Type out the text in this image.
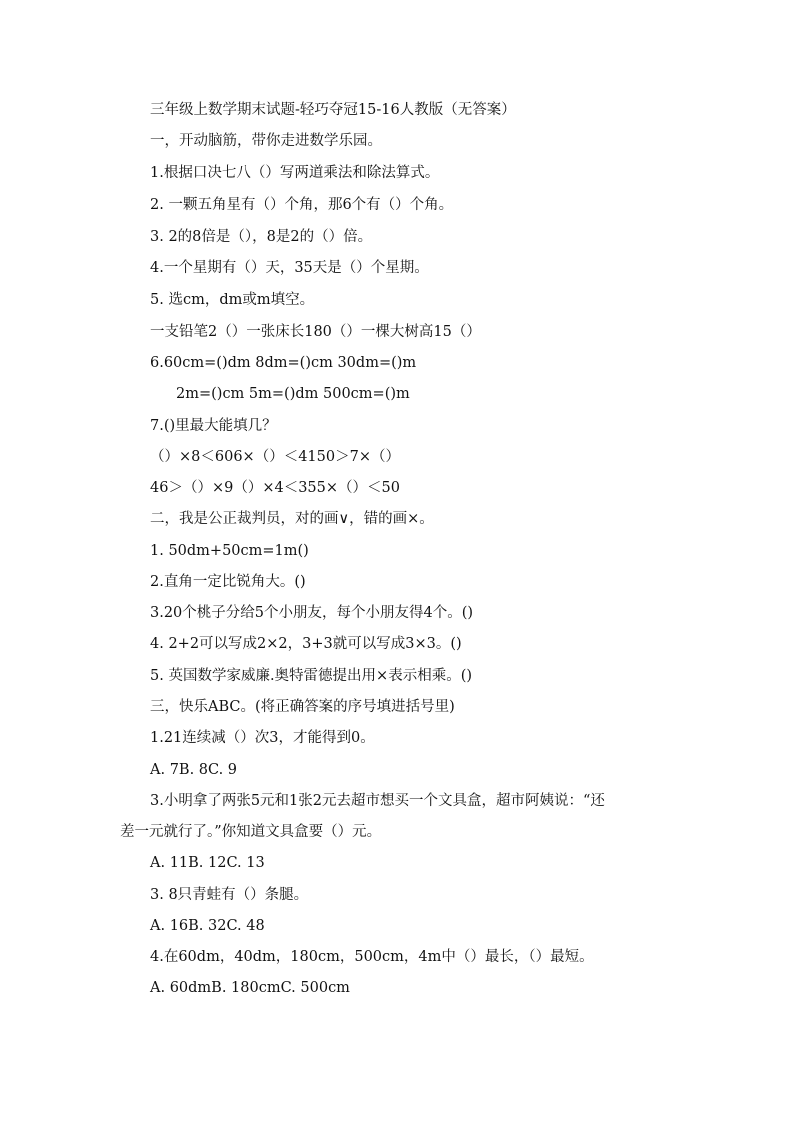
三年级上数学期末试题-轻巧夺冠15-16人教版（无答案）
一，开动脑筋，带你走进数学乐园。
1.根据口决七八（）写两道乘法和除法算式。
2. 一颗五角星有（）个角，那6个有（）个角。
3. 2的8倍是（），8是2的（）倍。
4.一个星期有（）天，35天是（）个星期。
5. 选cm，dm或m填空。
一支铅笔2（）一张床长180（）一棵大树高15（）
6.60cm=()dm 8dm=()cm 30dm=()m
2m=()cm 5m=()dm 500cm=()m
7.()里最大能填几？
（）×8＜606×（）＜4150＞7×（）
46＞（）×9（）×4＜355×（）＜50
二，我是公正裁判员，对的画∨，错的画×。
1. 50dm+50cm=1m()
2.直角一定比锐角大。()
3.20个桃子分给5个小朋友，每个小朋友得4个。()
4. 2+2可以写成2×2，3+3就可以写成3×3。()
5. 英国数学家威廉.奥特雷德提出用×表示相乘。()
三，快乐ABC。(将正确答案的序号填进括号里)
1.21连续减（）次3，才能得到0。
A. 7B. 8C. 9
3.小明拿了两张5元和1张2元去超市想买一个文具盒，超市阿姨说：“还
差一元就行了。”你知道文具盒要（）元。
A. 11B. 12C. 13
3. 8只青蛙有（）条腿。
A. 16B. 32C. 48
4.在60dm，40dm，180cm，500cm，4m中（）最长，（）最短。
A. 60dmB. 180cmC. 500cm
